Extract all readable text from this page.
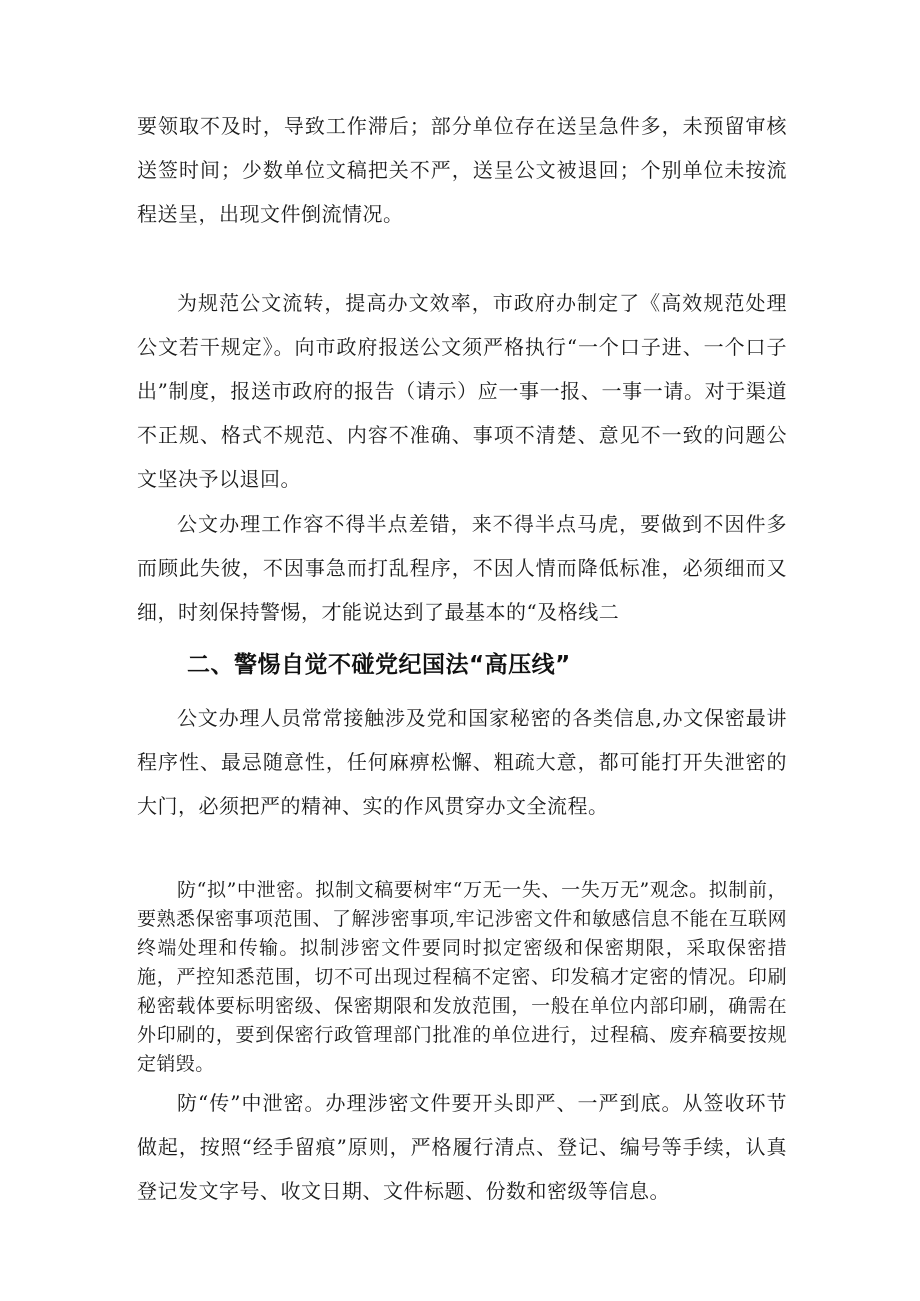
要领取不及时，导致工作滞后；部分单位存在送呈急件多，未预留审核送签时间；少数单位文稿把关不严，送呈公文被退回；个别单位未按流程送呈，出现文件倒流情况。

为规范公文流转，提高办文效率，市政府办制定了《高效规范处理公文若干规定》。向市政府报送公文须严格执行“一个口子进、一个口子出”制度，报送市政府的报告（请示）应一事一报、一事一请。对于渠道不正规、格式不规范、内容不准确、事项不清楚、意见不一致的问题公文坚决予以退回。

公文办理工作容不得半点差错，来不得半点马虎，要做到不因件多而顾此失彼，不因事急而打乱程序，不因人情而降低标准，必须细而又细，时刻保持警惕，才能说达到了最基本的“及格线二

二、警惕自觉不碰党纪国法“高压线”

公文办理人员常常接触涉及党和国家秘密的各类信息,办文保密最讲程序性、最忌随意性，任何麻痹松懈、粗疏大意，都可能打开失泄密的大门，必须把严的精神、实的作风贯穿办文全流程。

防“拟”中泄密。拟制文稿要树牢“万无一失、一失万无”观念。拟制前，要熟悉保密事项范围、了解涉密事项,牢记涉密文件和敏感信息不能在互联网终端处理和传输。拟制涉密文件要同时拟定密级和保密期限，采取保密措施，严控知悉范围，切不可出现过程稿不定密、印发稿才定密的情况。印刷秘密载体要标明密级、保密期限和发放范围，一般在单位内部印刷，确需在外印刷的，要到保密行政管理部门批准的单位进行，过程稿、废弃稿要按规定销毁。

防“传”中泄密。办理涉密文件要开头即严、一严到底。从签收环节做起，按照“经手留痕”原则，严格履行清点、登记、编号等手续，认真登记发文字号、收文日期、文件标题、份数和密级等信息。
